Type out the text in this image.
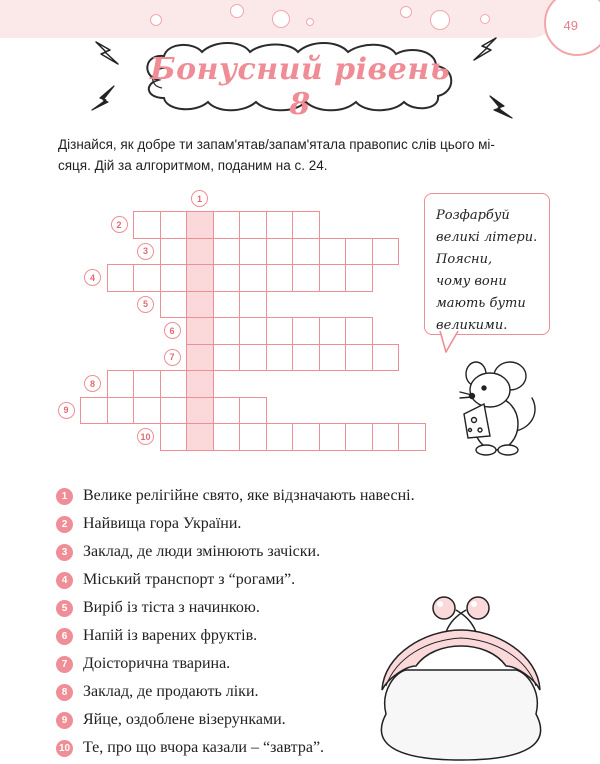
49
Бонусний рівень 8
Дізнайся, як добре ти запам'ятав/запам'ятала правопис слів цього мі-
сяця. Дій за алгоритмом, поданим на с. 24.
1
2
3
4
5
6
7
8
9
10
Розфарбуй
великі літери.
Поясни,
чому вони
мають бути
великими.
1 Велике релігійне свято, яке відзначають навесні.
2 Найвища гора України.
3 Заклад, де люди змінюють зачіски.
4 Міський транспорт з “рогами”.
5 Виріб із тіста з начинкою.
6 Напій із варених фруктів.
7 Доісторична тварина.
8 Заклад, де продають ліки.
9 Яйце, оздоблене візерунками.
10 Те, про що вчора казали – “завтра”.
